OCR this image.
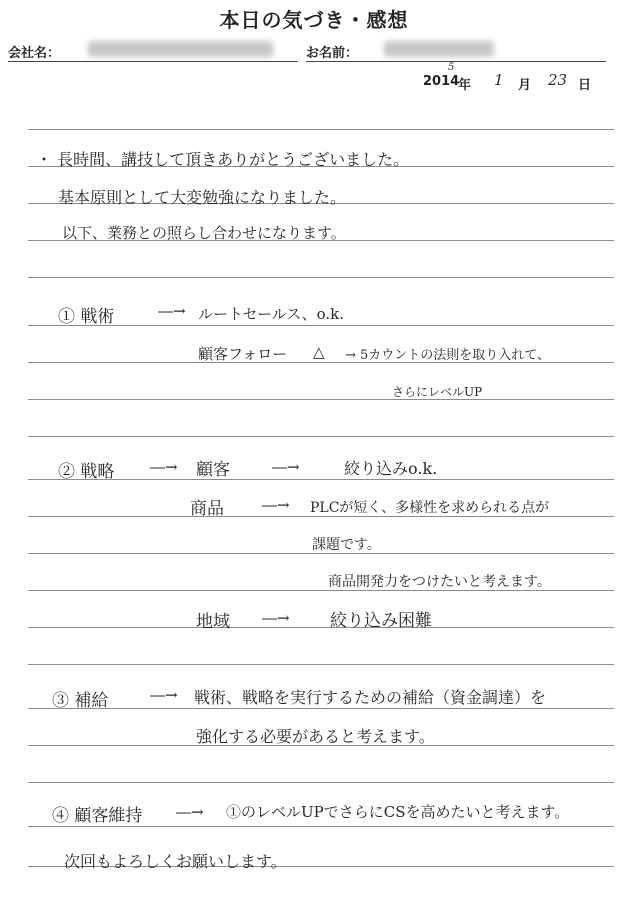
本日の気づき・感想
会社名：	お名前：
2014
5
年 1 月 23 日
・ 長時間、講技して頂きありがとうございました。
基本原則として大変勉強になりました。
以下、業務との照らし合わせになります。
① 戦術	―→ ルートセールス、o.k.
顧客フォロー △ → 5カウントの法則を取り入れて、
さらにレベルUP
② 戦略 ―→ 顧客	―→	絞り込みo.k.
商品	―→ PLCが短く、多様性を求められる点が
課題です。
商品開発力をつけたいと考えます。
地域 ―→ 絞り込み困難
③ 補給	―→ 戦術、戦略を実行するための補給（資金調達）を
強化する必要があると考えます。
④ 顧客維持 ―→ ①のレベルUPでさらにCSを高めたいと考えます。
次回もよろしくお願いします。
